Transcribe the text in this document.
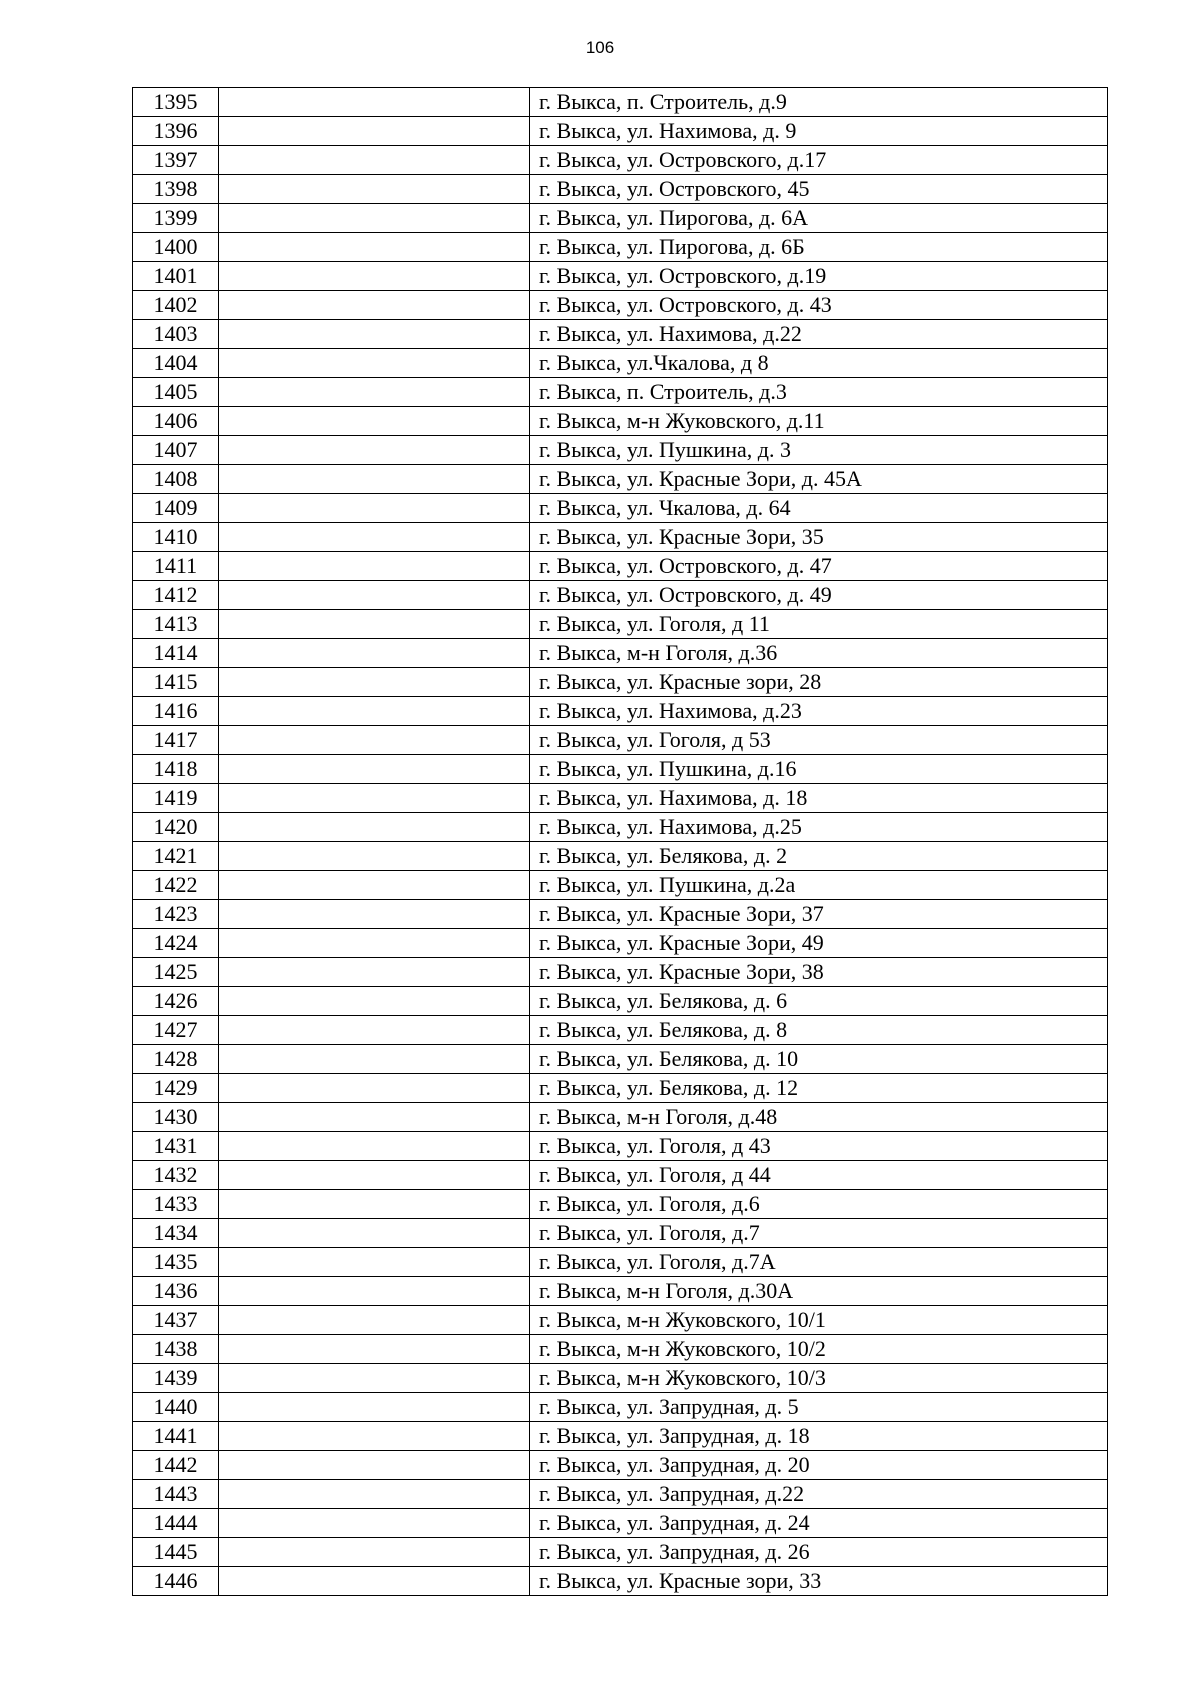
106
1395		г. Выкса, п. Строитель, д.9
1396		г. Выкса, ул. Нахимова, д. 9
1397		г. Выкса, ул. Островского, д.17
1398		г. Выкса, ул. Островского, 45
1399		г. Выкса, ул. Пирогова, д. 6А
1400		г. Выкса, ул. Пирогова, д. 6Б
1401		г. Выкса, ул. Островского, д.19
1402		г. Выкса, ул. Островского, д. 43
1403		г. Выкса, ул. Нахимова, д.22
1404		г. Выкса, ул.Чкалова, д 8
1405		г. Выкса, п. Строитель, д.3
1406		г. Выкса, м-н Жуковского, д.11
1407		г. Выкса, ул. Пушкина, д. 3
1408		г. Выкса, ул. Красные Зори, д. 45А
1409		г. Выкса, ул. Чкалова, д. 64
1410		г. Выкса, ул. Красные Зори, 35
1411		г. Выкса, ул. Островского, д. 47
1412		г. Выкса, ул. Островского, д. 49
1413		г. Выкса, ул. Гоголя, д 11
1414		г. Выкса, м-н Гоголя, д.36
1415		г. Выкса, ул. Красные зори, 28
1416		г. Выкса, ул. Нахимова, д.23
1417		г. Выкса, ул. Гоголя, д 53
1418		г. Выкса, ул. Пушкина, д.16
1419		г. Выкса, ул. Нахимова, д. 18
1420		г. Выкса, ул. Нахимова, д.25
1421		г. Выкса, ул. Белякова, д. 2
1422		г. Выкса, ул. Пушкина, д.2а
1423		г. Выкса, ул. Красные Зори, 37
1424		г. Выкса, ул. Красные Зори, 49
1425		г. Выкса, ул. Красные Зори, 38
1426		г. Выкса, ул. Белякова, д. 6
1427		г. Выкса, ул. Белякова, д. 8
1428		г. Выкса, ул. Белякова, д. 10
1429		г. Выкса, ул. Белякова, д. 12
1430		г. Выкса, м-н Гоголя, д.48
1431		г. Выкса, ул. Гоголя, д 43
1432		г. Выкса, ул. Гоголя, д 44
1433		г. Выкса, ул. Гоголя, д.6
1434		г. Выкса, ул. Гоголя, д.7
1435		г. Выкса, ул. Гоголя, д.7А
1436		г. Выкса, м-н Гоголя, д.30А
1437		г. Выкса, м-н Жуковского, 10/1
1438		г. Выкса, м-н Жуковского, 10/2
1439		г. Выкса, м-н Жуковского, 10/3
1440		г. Выкса, ул. Запрудная, д. 5
1441		г. Выкса, ул. Запрудная, д. 18
1442		г. Выкса, ул. Запрудная, д. 20
1443		г. Выкса, ул. Запрудная, д.22
1444		г. Выкса, ул. Запрудная, д. 24
1445		г. Выкса, ул. Запрудная, д. 26
1446		г. Выкса, ул. Красные зори, 33
